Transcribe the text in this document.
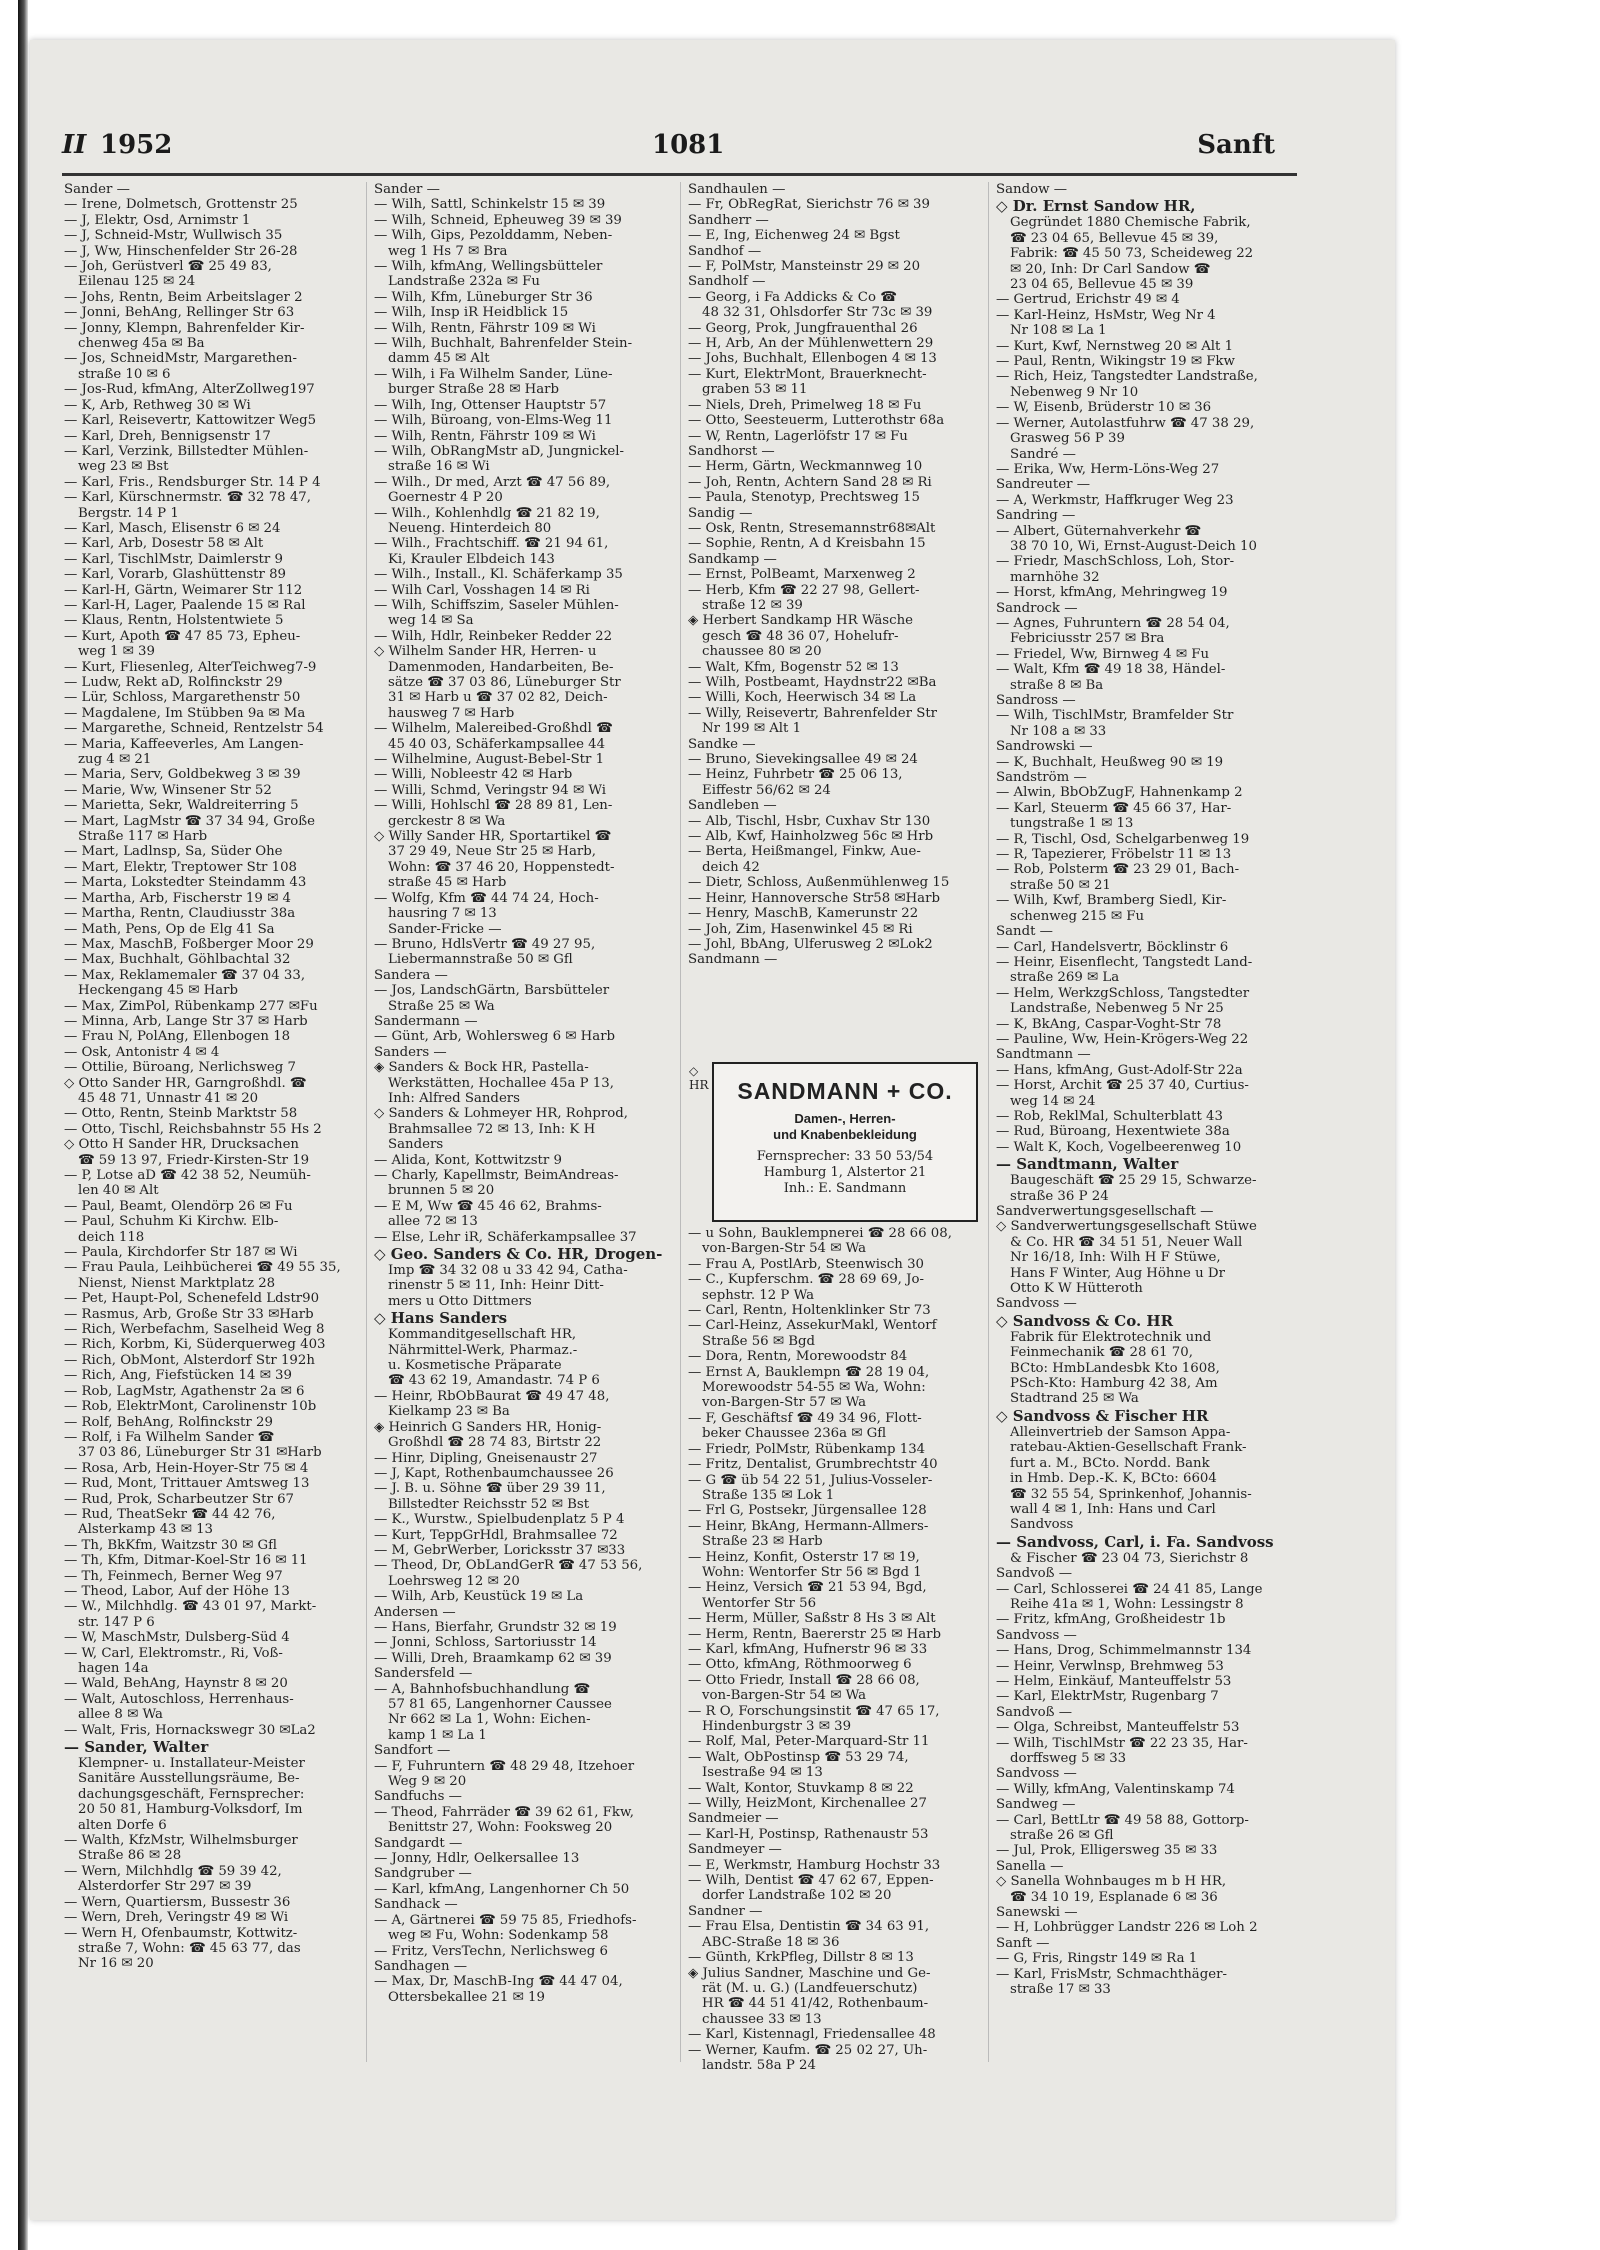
II 1952	1081	Sanft
Sander —
— Irene, Dolmetsch, Grottenstr 25
— J, Elektr, Osd, Arnimstr 1
— J, Schneid-Mstr, Wullwisch 35
— J, Ww, Hinschenfelder Str 26-28
— Joh, Gerüstverl ☎ 25 49 83,
Eilenau 125 ✉ 24
— Johs, Rentn, Beim Arbeitslager 2
— Jonni, BehAng, Rellinger Str 63
— Jonny, Klempn, Bahrenfelder Kir-
chenweg 45a ✉ Ba
— Jos, SchneidMstr, Margarethen-
straße 10 ✉ 6
— Jos-Rud, kfmAng, AlterZollweg197
— K, Arb, Rethweg 30 ✉ Wi
— Karl, Reisevertr, Kattowitzer Weg5
— Karl, Dreh, Bennigsenstr 17
— Karl, Verzink, Billstedter Mühlen-
weg 23 ✉ Bst
— Karl, Fris., Rendsburger Str. 14 P 4
— Karl, Kürschnermstr. ☎ 32 78 47,
Bergstr. 14 P 1
— Karl, Masch, Elisenstr 6 ✉ 24
— Karl, Arb, Dosestr 58 ✉ Alt
— Karl, TischlMstr, Daimlerstr 9
— Karl, Vorarb, Glashüttenstr 89
— Karl-H, Gärtn, Weimarer Str 112
— Karl-H, Lager, Paalende 15 ✉ Ral
— Klaus, Rentn, Holstentwiete 5
— Kurt, Apoth ☎ 47 85 73, Epheu-
weg 1 ✉ 39
— Kurt, Fliesenleg, AlterTeichweg7-9
— Ludw, Rekt aD, Rolfinckstr 29
— Lür, Schloss, Margarethenstr 50
— Magdalene, Im Stübben 9a ✉ Ma
— Margarethe, Schneid, Rentzelstr 54
— Maria, Kaffeeverles, Am Langen-
zug 4 ✉ 21
— Maria, Serv, Goldbekweg 3 ✉ 39
— Marie, Ww, Winsener Str 52
— Marietta, Sekr, Waldreiterring 5
— Mart, LagMstr ☎ 37 34 94, Große
Straße 117 ✉ Harb
— Mart, Ladlnsp, Sa, Süder Ohe
— Mart, Elektr, Treptower Str 108
— Marta, Lokstedter Steindamm 43
— Martha, Arb, Fischerstr 19 ✉ 4
— Martha, Rentn, Claudiusstr 38a
— Math, Pens, Op de Elg 41 Sa
— Max, MaschB, Foßberger Moor 29
— Max, Buchhalt, Göhlbachtal 32
— Max, Reklamemaler ☎ 37 04 33,
Heckengang 45 ✉ Harb
— Max, ZimPol, Rübenkamp 277 ✉Fu
— Minna, Arb, Lange Str 37 ✉ Harb
— Frau N, PolAng, Ellenbogen 18
— Osk, Antonistr 4 ✉ 4
— Ottilie, Büroang, Nerlichsweg 7
◇ Otto Sander HR, Garngroßhdl. ☎
45 48 71, Unnastr 41 ✉ 20
— Otto, Rentn, Steinb Marktstr 58
— Otto, Tischl, Reichsbahnstr 55 Hs 2
◇ Otto H Sander HR, Drucksachen
☎ 59 13 97, Friedr-Kirsten-Str 19
— P, Lotse aD ☎ 42 38 52, Neumüh-
len 40 ✉ Alt
— Paul, Beamt, Olendörp 26 ✉ Fu
— Paul, Schuhm Ki Kirchw. Elb-
deich 118
— Paula, Kirchdorfer Str 187 ✉ Wi
— Frau Paula, Leihbücherei ☎ 49 55 35,
Nienst, Nienst Marktplatz 28
— Pet, Haupt-Pol, Schenefeld Ldstr90
— Rasmus, Arb, Große Str 33 ✉Harb
— Rich, Werbefachm, Saselheid Weg 8
— Rich, Korbm, Ki, Süderquerweg 403
— Rich, ObMont, Alsterdorf Str 192h
— Rich, Ang, Fiefstücken 14 ✉ 39
— Rob, LagMstr, Agathenstr 2a ✉ 6
— Rob, ElektrMont, Carolinenstr 10b
— Rolf, BehAng, Rolfinckstr 29
— Rolf, i Fa Wilhelm Sander ☎
37 03 86, Lüneburger Str 31 ✉Harb
— Rosa, Arb, Hein-Hoyer-Str 75 ✉ 4
— Rud, Mont, Trittauer Amtsweg 13
— Rud, Prok, Scharbeutzer Str 67
— Rud, TheatSekr ☎ 44 42 76,
Alsterkamp 43 ✉ 13
— Th, BkKfm, Waitzstr 30 ✉ Gfl
— Th, Kfm, Ditmar-Koel-Str 16 ✉ 11
— Th, Feinmech, Berner Weg 97
— Theod, Labor, Auf der Höhe 13
— W., Milchhdlg. ☎ 43 01 97, Markt-
str. 147 P 6
— W, MaschMstr, Dulsberg-Süd 4
— W, Carl, Elektromstr., Ri, Voß-
hagen 14a
— Wald, BehAng, Haynstr 8 ✉ 20
— Walt, Autoschloss, Herrenhaus-
allee 8 ✉ Wa
— Walt, Fris, Hornackswegr 30 ✉La2
— Sander, Walter
Klempner- u. Installateur-Meister
Sanitäre Ausstellungsräume, Be-
dachungsgeschäft, Fernsprecher:
20 50 81, Hamburg-Volksdorf, Im
alten Dorfe 6
— Walth, KfzMstr, Wilhelmsburger
Straße 86 ✉ 28
— Wern, Milchhdlg ☎ 59 39 42,
Alsterdorfer Str 297 ✉ 39
— Wern, Quartiersm, Bussestr 36
— Wern, Dreh, Veringstr 49 ✉ Wi
— Wern H, Ofenbaumstr, Kottwitz-
straße 7, Wohn: ☎ 45 63 77, das
Nr 16 ✉ 20
Sander —
— Wilh, Sattl, Schinkelstr 15 ✉ 39
— Wilh, Schneid, Epheuweg 39 ✉ 39
— Wilh, Gips, Pezolddamm, Neben-
weg 1 Hs 7 ✉ Bra
— Wilh, kfmAng, Wellingsbütteler
Landstraße 232a ✉ Fu
— Wilh, Kfm, Lüneburger Str 36
— Wilh, Insp iR Heidblick 15
— Wilh, Rentn, Fährstr 109 ✉ Wi
— Wilh, Buchhalt, Bahrenfelder Stein-
damm 45 ✉ Alt
— Wilh, i Fa Wilhelm Sander, Lüne-
burger Straße 28 ✉ Harb
— Wilh, Ing, Ottenser Hauptstr 57
— Wilh, Büroang, von-Elms-Weg 11
— Wilh, Rentn, Fährstr 109 ✉ Wi
— Wilh, ObRangMstr aD, Jungnickel-
straße 16 ✉ Wi
— Wilh., Dr med, Arzt ☎ 47 56 89,
Goernestr 4 P 20
— Wilh., Kohlenhdlg ☎ 21 82 19,
Neueng. Hinterdeich 80
— Wilh., Frachtschiff. ☎ 21 94 61,
Ki, Krauler Elbdeich 143
— Wilh., Install., Kl. Schäferkamp 35
— Wilh Carl, Vosshagen 14 ✉ Ri
— Wilh, Schiffszim, Saseler Mühlen-
weg 14 ✉ Sa
— Wilh, Hdlr, Reinbeker Redder 22
◇ Wilhelm Sander HR, Herren- u
Damenmoden, Handarbeiten, Be-
sätze ☎ 37 03 86, Lüneburger Str
31 ✉ Harb u ☎ 37 02 82, Deich-
hausweg 7 ✉ Harb
— Wilhelm, Malereibed-Großhdl ☎
45 40 03, Schäferkampsallee 44
— Wilhelmine, August-Bebel-Str 1
— Willi, Nobleestr 42 ✉ Harb
— Willi, Schmd, Veringstr 94 ✉ Wi
— Willi, Hohlschl ☎ 28 89 81, Len-
gerckestr 8 ✉ Wa
◇ Willy Sander HR, Sportartikel ☎
37 29 49, Neue Str 25 ✉ Harb,
Wohn: ☎ 37 46 20, Hoppenstedt-
straße 45 ✉ Harb
— Wolfg, Kfm ☎ 44 74 24, Hoch-
hausring 7 ✉ 13
Sander-Fricke —
— Bruno, HdlsVertr ☎ 49 27 95,
Liebermannstraße 50 ✉ Gfl
Sandera —
— Jos, LandschGärtn, Barsbütteler
Straße 25 ✉ Wa
Sandermann —
— Günt, Arb, Wohlersweg 6 ✉ Harb
Sanders —
◈ Sanders & Bock HR, Pastella-
Werkstätten, Hochallee 45a P 13,
Inh: Alfred Sanders
◇ Sanders & Lohmeyer HR, Rohprod,
Brahmsallee 72 ✉ 13, Inh: K H
Sanders
— Alida, Kont, Kottwitzstr 9
— Charly, Kapellmstr, BeimAndreas-
brunnen 5 ✉ 20
— E M, Ww ☎ 45 46 62, Brahms-
allee 72 ✉ 13
— Else, Lehr iR, Schäferkampsallee 37
◇ Geo. Sanders & Co. HR, Drogen-
Imp ☎ 34 32 08 u 33 42 94, Catha-
rinenstr 5 ✉ 11, Inh: Heinr Ditt-
mers u Otto Dittmers
◇ Hans Sanders
Kommanditgesellschaft HR,
Nährmittel-Werk, Pharmaz.-
u. Kosmetische Präparate
☎ 43 62 19, Amandastr. 74 P 6
— Heinr, RbObBaurat ☎ 49 47 48,
Kielkamp 23 ✉ Ba
◈ Heinrich G Sanders HR, Honig-
Großhdl ☎ 28 74 83, Birtstr 22
— Hinr, Dipling, Gneisenaustr 27
— J, Kapt, Rothenbaumchaussee 26
— J. B. u. Söhne ☎ über 29 39 11,
Billstedter Reichsstr 52 ✉ Bst
— K., Wurstw., Spielbudenplatz 5 P 4
— Kurt, TeppGrHdl, Brahmsallee 72
— M, GebrWerber, Loricksstr 37 ✉33
— Theod, Dr, ObLandGerR ☎ 47 53 56,
Loehrsweg 12 ✉ 20
— Wilh, Arb, Keustück 19 ✉ La
Andersen —
— Hans, Bierfahr, Grundstr 32 ✉ 19
— Jonni, Schloss, Sartoriusstr 14
— Willi, Dreh, Braamkamp 62 ✉ 39
Sandersfeld —
— A, Bahnhofsbuchhandlung ☎
57 81 65, Langenhorner Caussee
Nr 662 ✉ La 1, Wohn: Eichen-
kamp 1 ✉ La 1
Sandfort —
— F, Fuhruntern ☎ 48 29 48, Itzehoer
Weg 9 ✉ 20
Sandfuchs —
— Theod, Fahrräder ☎ 39 62 61, Fkw,
Benittstr 27, Wohn: Fooksweg 20
Sandgardt —
— Jonny, Hdlr, Oelkersallee 13
Sandgruber —
— Karl, kfmAng, Langenhorner Ch 50
Sandhack —
— A, Gärtnerei ☎ 59 75 85, Friedhofs-
weg ✉ Fu, Wohn: Sodenkamp 58
— Fritz, VersTechn, Nerlichsweg 6
Sandhagen —
— Max, Dr, MaschB-Ing ☎ 44 47 04,
Ottersbekallee 21 ✉ 19
Sandhaulen —
— Fr, ObRegRat, Sierichstr 76 ✉ 39
Sandherr —
— E, Ing, Eichenweg 24 ✉ Bgst
Sandhof —
— F, PolMstr, Mansteinstr 29 ✉ 20
Sandholf —
— Georg, i Fa Addicks & Co ☎
48 32 31, Ohlsdorfer Str 73c ✉ 39
— Georg, Prok, Jungfrauenthal 26
— H, Arb, An der Mühlenwettern 29
— Johs, Buchhalt, Ellenbogen 4 ✉ 13
— Kurt, ElektrMont, Brauerknecht-
graben 53 ✉ 11
— Niels, Dreh, Primelweg 18 ✉ Fu
— Otto, Seesteuerm, Lutterothstr 68a
— W, Rentn, Lagerlöfstr 17 ✉ Fu
Sandhorst —
— Herm, Gärtn, Weckmannweg 10
— Joh, Rentn, Achtern Sand 28 ✉ Ri
— Paula, Stenotyp, Prechtsweg 15
Sandig —
— Osk, Rentn, Stresemannstr68✉Alt
— Sophie, Rentn, A d Kreisbahn 15
Sandkamp —
— Ernst, PolBeamt, Marxenweg 2
— Herb, Kfm ☎ 22 27 98, Gellert-
straße 12 ✉ 39
◈ Herbert Sandkamp HR Wäsche
gesch ☎ 48 36 07, Hohelufr-
chaussee 80 ✉ 20
— Walt, Kfm, Bogenstr 52 ✉ 13
— Wilh, Postbeamt, Haydnstr22 ✉Ba
— Willi, Koch, Heerwisch 34 ✉ La
— Willy, Reisevertr, Bahrenfelder Str
Nr 199 ✉ Alt 1
Sandke —
— Bruno, Sievekingsallee 49 ✉ 24
— Heinz, Fuhrbetr ☎ 25 06 13,
Eiffestr 56/62 ✉ 24
Sandleben —
— Alb, Tischl, Hsbr, Cuxhav Str 130
— Alb, Kwf, Hainholzweg 56c ✉ Hrb
— Berta, Heißmangel, Finkw, Aue-
deich 42
— Dietr, Schloss, Außenmühlenweg 15
— Heinr, Hannoversche Str58 ✉Harb
— Henry, MaschB, Kamerunstr 22
— Joh, Zim, Hasenwinkel 45 ✉ Ri
— Johl, BbAng, Ulferusweg 2 ✉Lok2
Sandmann —
◇
HR	SANDMANN + CO.
Damen-, Herren-
und Knabenbekleidung
Fernsprecher: 33 50 53/54
Hamburg 1, Alstertor 21
Inh.: E. Sandmann
— u Sohn, Bauklempnerei ☎ 28 66 08,
von-Bargen-Str 54 ✉ Wa
— Frau A, PostlArb, Steenwisch 30
— C., Kupferschm. ☎ 28 69 69, Jo-
sephstr. 12 P Wa
— Carl, Rentn, Holtenklinker Str 73
— Carl-Heinz, AssekurMakl, Wentorf
Straße 56 ✉ Bgd
— Dora, Rentn, Morewoodstr 84
— Ernst A, Bauklempn ☎ 28 19 04,
Morewoodstr 54-55 ✉ Wa, Wohn:
von-Bargen-Str 57 ✉ Wa
— F, Geschäftsf ☎ 49 34 96, Flott-
beker Chaussee 236a ✉ Gfl
— Friedr, PolMstr, Rübenkamp 134
— Fritz, Dentalist, Grumbrechtstr 40
— G ☎ üb 54 22 51, Julius-Vosseler-
Straße 135 ✉ Lok 1
— Frl G, Postsekr, Jürgensallee 128
— Heinr, BkAng, Hermann-Allmers-
Straße 23 ✉ Harb
— Heinz, Konfit, Osterstr 17 ✉ 19,
Wohn: Wentorfer Str 56 ✉ Bgd 1
— Heinz, Versich ☎ 21 53 94, Bgd,
Wentorfer Str 56
— Herm, Müller, Saßstr 8 Hs 3 ✉ Alt
— Herm, Rentn, Baererstr 25 ✉ Harb
— Karl, kfmAng, Hufnerstr 96 ✉ 33
— Otto, kfmAng, Röthmoorweg 6
— Otto Friedr, Install ☎ 28 66 08,
von-Bargen-Str 54 ✉ Wa
— R O, Forschungsinstit ☎ 47 65 17,
Hindenburgstr 3 ✉ 39
— Rolf, Mal, Peter-Marquard-Str 11
— Walt, ObPostinsp ☎ 53 29 74,
Isestraße 94 ✉ 13
— Walt, Kontor, Stuvkamp 8 ✉ 22
— Willy, HeizMont, Kirchenallee 27
Sandmeier —
— Karl-H, Postinsp, Rathenaustr 53
Sandmeyer —
— E, Werkmstr, Hamburg Hochstr 33
— Wilh, Dentist ☎ 47 62 67, Eppen-
dorfer Landstraße 102 ✉ 20
Sandner —
— Frau Elsa, Dentistin ☎ 34 63 91,
ABC-Straße 18 ✉ 36
— Günth, KrkPfleg, Dillstr 8 ✉ 13
◈ Julius Sandner, Maschine und Ge-
rät (M. u. G.) (Landfeuerschutz)
HR ☎ 44 51 41/42, Rothenbaum-
chaussee 33 ✉ 13
— Karl, Kistennagl, Friedensallee 48
— Werner, Kaufm. ☎ 25 02 27, Uh-
landstr. 58a P 24
Sandow —
◇ Dr. Ernst Sandow HR,
Gegründet 1880 Chemische Fabrik,
☎ 23 04 65, Bellevue 45 ✉ 39,
Fabrik: ☎ 45 50 73, Scheideweg 22
✉ 20, Inh: Dr Carl Sandow ☎
23 04 65, Bellevue 45 ✉ 39
— Gertrud, Erichstr 49 ✉ 4
— Karl-Heinz, HsMstr, Weg Nr 4
Nr 108 ✉ La 1
— Kurt, Kwf, Nernstweg 20 ✉ Alt 1
— Paul, Rentn, Wikingstr 19 ✉ Fkw
— Rich, Heiz, Tangstedter Landstraße,
Nebenweg 9 Nr 10
— W, Eisenb, Brüderstr 10 ✉ 36
— Werner, Autolastfuhrw ☎ 47 38 29,
Grasweg 56 P 39
Sandré —
— Erika, Ww, Herm-Löns-Weg 27
Sandreuter —
— A, Werkmstr, Haffkruger Weg 23
Sandring —
— Albert, Güternahverkehr ☎
38 70 10, Wi, Ernst-August-Deich 10
— Friedr, MaschSchloss, Loh, Stor-
marnhöhe 32
— Horst, kfmAng, Mehringweg 19
Sandrock —
— Agnes, Fuhruntern ☎ 28 54 04,
Febriciusstr 257 ✉ Bra
— Friedel, Ww, Birnweg 4 ✉ Fu
— Walt, Kfm ☎ 49 18 38, Händel-
straße 8 ✉ Ba
Sandross —
— Wilh, TischlMstr, Bramfelder Str
Nr 108 a ✉ 33
Sandrowski —
— K, Buchhalt, Heußweg 90 ✉ 19
Sandström —
— Alwin, BbObZugF, Hahnenkamp 2
— Karl, Steuerm ☎ 45 66 37, Har-
tungstraße 1 ✉ 13
— R, Tischl, Osd, Schelgarbenweg 19
— R, Tapezierer, Fröbelstr 11 ✉ 13
— Rob, Polsterm ☎ 23 29 01, Bach-
straße 50 ✉ 21
— Wilh, Kwf, Bramberg Siedl, Kir-
schenweg 215 ✉ Fu
Sandt —
— Carl, Handelsvertr, Böcklinstr 6
— Heinr, Eisenflecht, Tangstedt Land-
straße 269 ✉ La
— Helm, WerkzgSchloss, Tangstedter
Landstraße, Nebenweg 5 Nr 25
— K, BkAng, Caspar-Voght-Str 78
— Pauline, Ww, Hein-Krögers-Weg 22
Sandtmann —
— Hans, kfmAng, Gust-Adolf-Str 22a
— Horst, Archit ☎ 25 37 40, Curtius-
weg 14 ✉ 24
— Rob, ReklMal, Schulterblatt 43
— Rud, Büroang, Hexentwiete 38a
— Walt K, Koch, Vogelbeerenweg 10
— Sandtmann, Walter
Baugeschäft ☎ 25 29 15, Schwarze-
straße 36 P 24
Sandverwertungsgesellschaft —
◇ Sandverwertungsgesellschaft Stüwe
& Co. HR ☎ 34 51 51, Neuer Wall
Nr 16/18, Inh: Wilh H F Stüwe,
Hans F Winter, Aug Höhne u Dr
Otto K W Hütteroth
Sandvoss —
◇ Sandvoss & Co. HR
Fabrik für Elektrotechnik und
Feinmechanik ☎ 28 61 70,
BCto: HmbLandesbk Kto 1608,
PSch-Kto: Hamburg 42 38, Am
Stadtrand 25 ✉ Wa
◇ Sandvoss & Fischer HR
Alleinvertrieb der Samson Appa-
ratebau-Aktien-Gesellschaft Frank-
furt a. M., BCto. Nordd. Bank
in Hmb. Dep.-K. K, BCto: 6604
☎ 32 55 54, Sprinkenhof, Johannis-
wall 4 ✉ 1, Inh: Hans und Carl
Sandvoss
— Sandvoss, Carl, i. Fa. Sandvoss
& Fischer ☎ 23 04 73, Sierichstr 8
Sandvoß —
— Carl, Schlosserei ☎ 24 41 85, Lange
Reihe 41a ✉ 1, Wohn: Lessingstr 8
— Fritz, kfmAng, Großheidestr 1b
Sandvoss —
— Hans, Drog, Schimmelmannstr 134
— Heinr, Verwlnsp, Brehmweg 53
— Helm, Einkäuf, Manteuffelstr 53
— Karl, ElektrMstr, Rugenbarg 7
Sandvoß —
— Olga, Schreibst, Manteuffelstr 53
— Wilh, TischlMstr ☎ 22 23 35, Har-
dorffsweg 5 ✉ 33
Sandvoss —
— Willy, kfmAng, Valentinskamp 74
Sandweg —
— Carl, BettLtr ☎ 49 58 88, Gottorp-
straße 26 ✉ Gfl
— Jul, Prok, Elligersweg 35 ✉ 33
Sanella —
◇ Sanella Wohnbauges m b H HR,
☎ 34 10 19, Esplanade 6 ✉ 36
Sanewski —
— H, Lohbrügger Landstr 226 ✉ Loh 2
Sanft —
— G, Fris, Ringstr 149 ✉ Ra 1
— Karl, FrisMstr, Schmachthäger-
straße 17 ✉ 33
